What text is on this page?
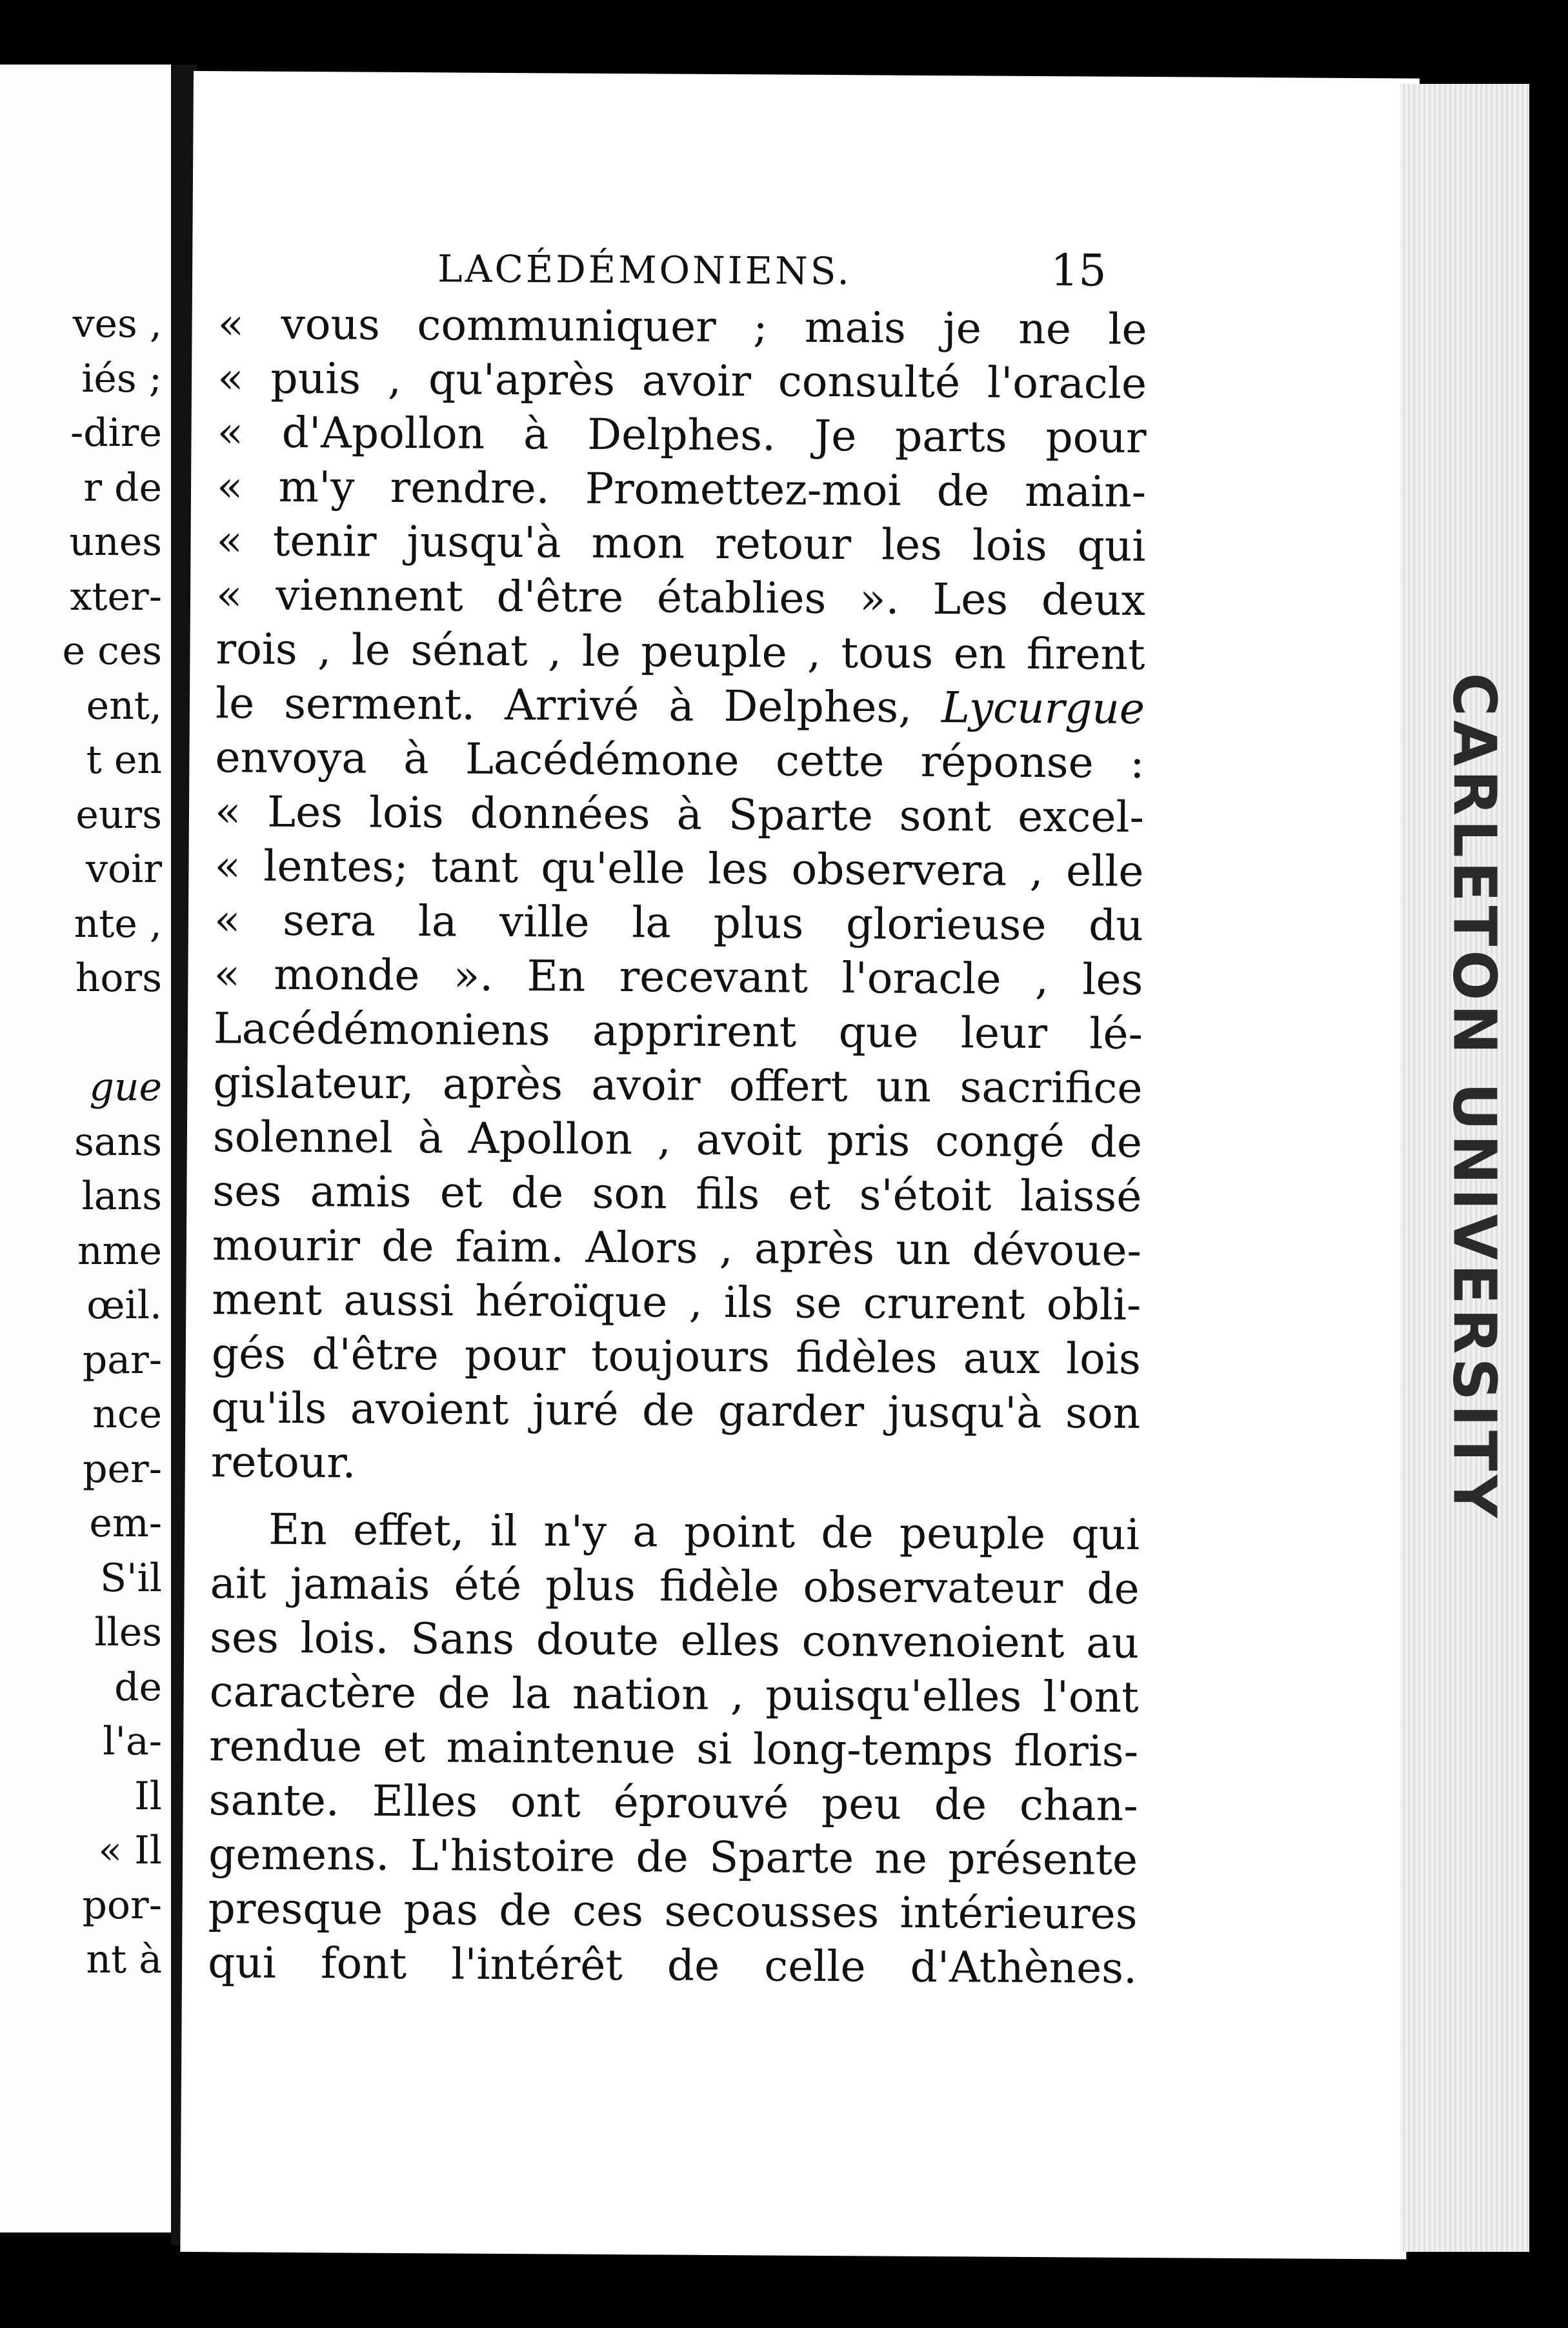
ves ,
iés ;
-dire
r de
unes
xter-
e ces
ent,
t en
eurs
voir
nte ,
hors
gue
sans
lans
nme
œil.
par-
nce
per-
em-
S'il
lles
de
l'a-
Il
« Il
por-
nt à
LACÉDÉMONIENS.	15
« vous communiquer ; mais je ne le
« puis , qu'après avoir consulté l'oracle
« d'Apollon à Delphes. Je parts pour
« m'y rendre. Promettez-moi de main-
« tenir jusqu'à mon retour les lois qui
« viennent d'être établies ». Les deux
rois , le sénat , le peuple , tous en firent
le serment. Arrivé à Delphes, Lycurgue
envoya à Lacédémone cette réponse :
« Les lois données à Sparte sont excel-
« lentes; tant qu'elle les observera , elle
« sera la ville la plus glorieuse du
« monde ». En recevant l'oracle , les
Lacédémoniens apprirent que leur lé-
gislateur, après avoir offert un sacrifice
solennel à Apollon , avoit pris congé de
ses amis et de son fils et s'étoit laissé
mourir de faim. Alors , après un dévoue-
ment aussi héroïque , ils se crurent obli-
gés d'être pour toujours fidèles aux lois
qu'ils avoient juré de garder jusqu'à son
retour.
En effet, il n'y a point de peuple qui
ait jamais été plus fidèle observateur de
ses lois. Sans doute elles convenoient au
caractère de la nation , puisqu'elles l'ont
rendue et maintenue si long-temps floris-
sante. Elles ont éprouvé peu de chan-
gemens. L'histoire de Sparte ne présente
presque pas de ces secousses intérieures
qui font l'intérêt de celle d'Athènes.
CARLETON UNIVERSITY
